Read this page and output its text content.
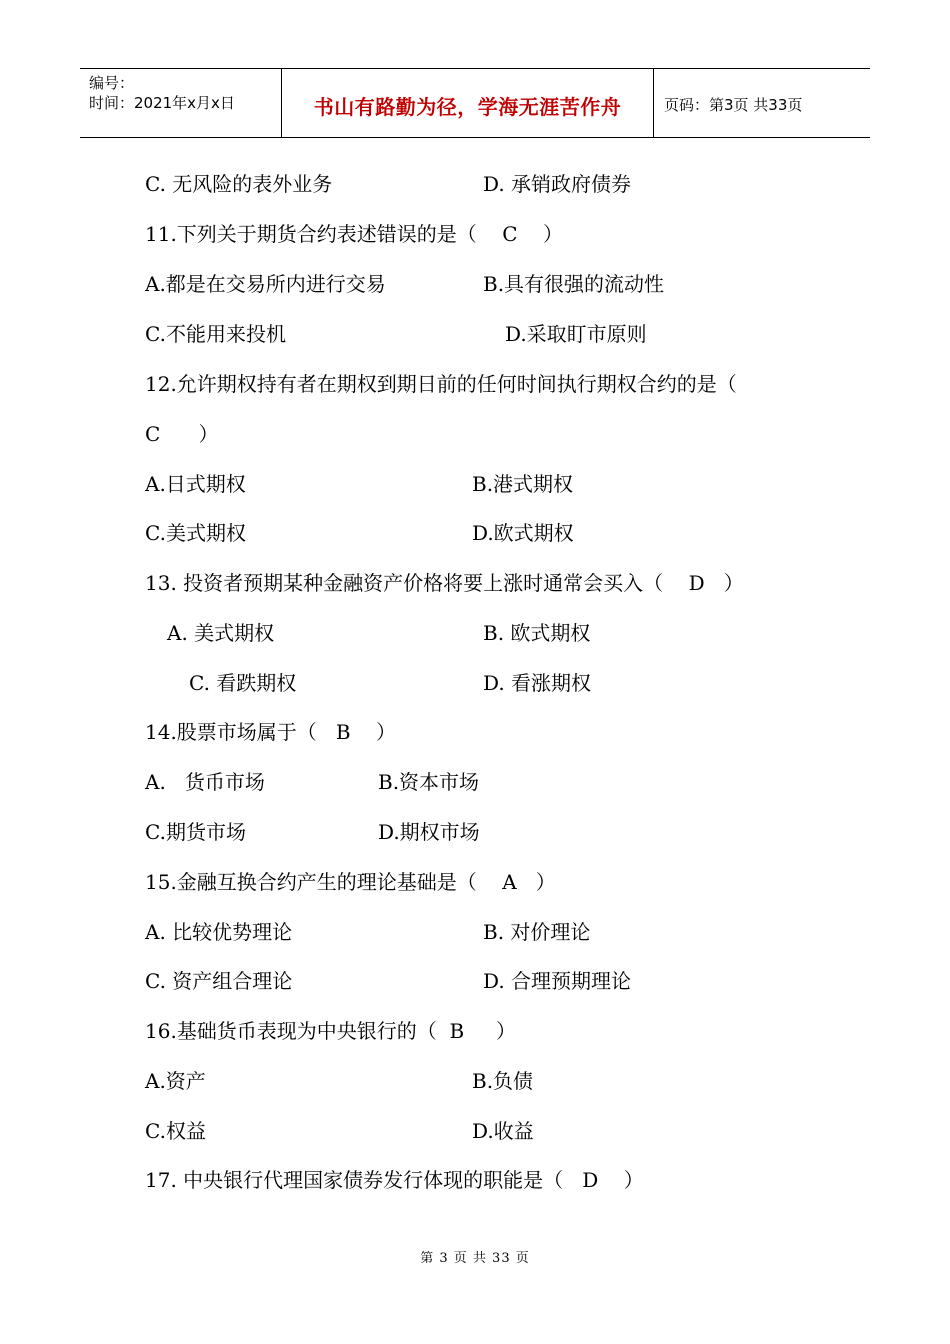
编号：
时间：2021年x月x日	书山有路勤为径，学海无涯苦作舟	页码：第3页 共33页
C. 无风险的表外业务	D. 承销政府债券
11.下列关于期货合约表述错误的是（    C    ）
A.都是在交易所内进行交易	B.具有很强的流动性
C.不能用来投机	D.采取盯市原则
12.允许期权持有者在期权到期日前的任何时间执行期权合约的是（
C      ）
A.日式期权	B.港式期权
C.美式期权	D.欧式期权
13. 投资者预期某种金融资产价格将要上涨时通常会买入（    D   ）
A. 美式期权	B. 欧式期权
C. 看跌期权	D. 看涨期权
14.股票市场属于（   B    ）
A.   货币市场	B.资本市场
C.期货市场	D.期权市场
15.金融互换合约产生的理论基础是（    A   ）
A. 比较优势理论	B. 对价理论
C. 资产组合理论	D. 合理预期理论
16.基础货币表现为中央银行的（  B     ）
A.资产	B.负债
C.权益	D.收益
17. 中央银行代理国家债券发行体现的职能是（   D    ）
第 3 页 共 33 页
